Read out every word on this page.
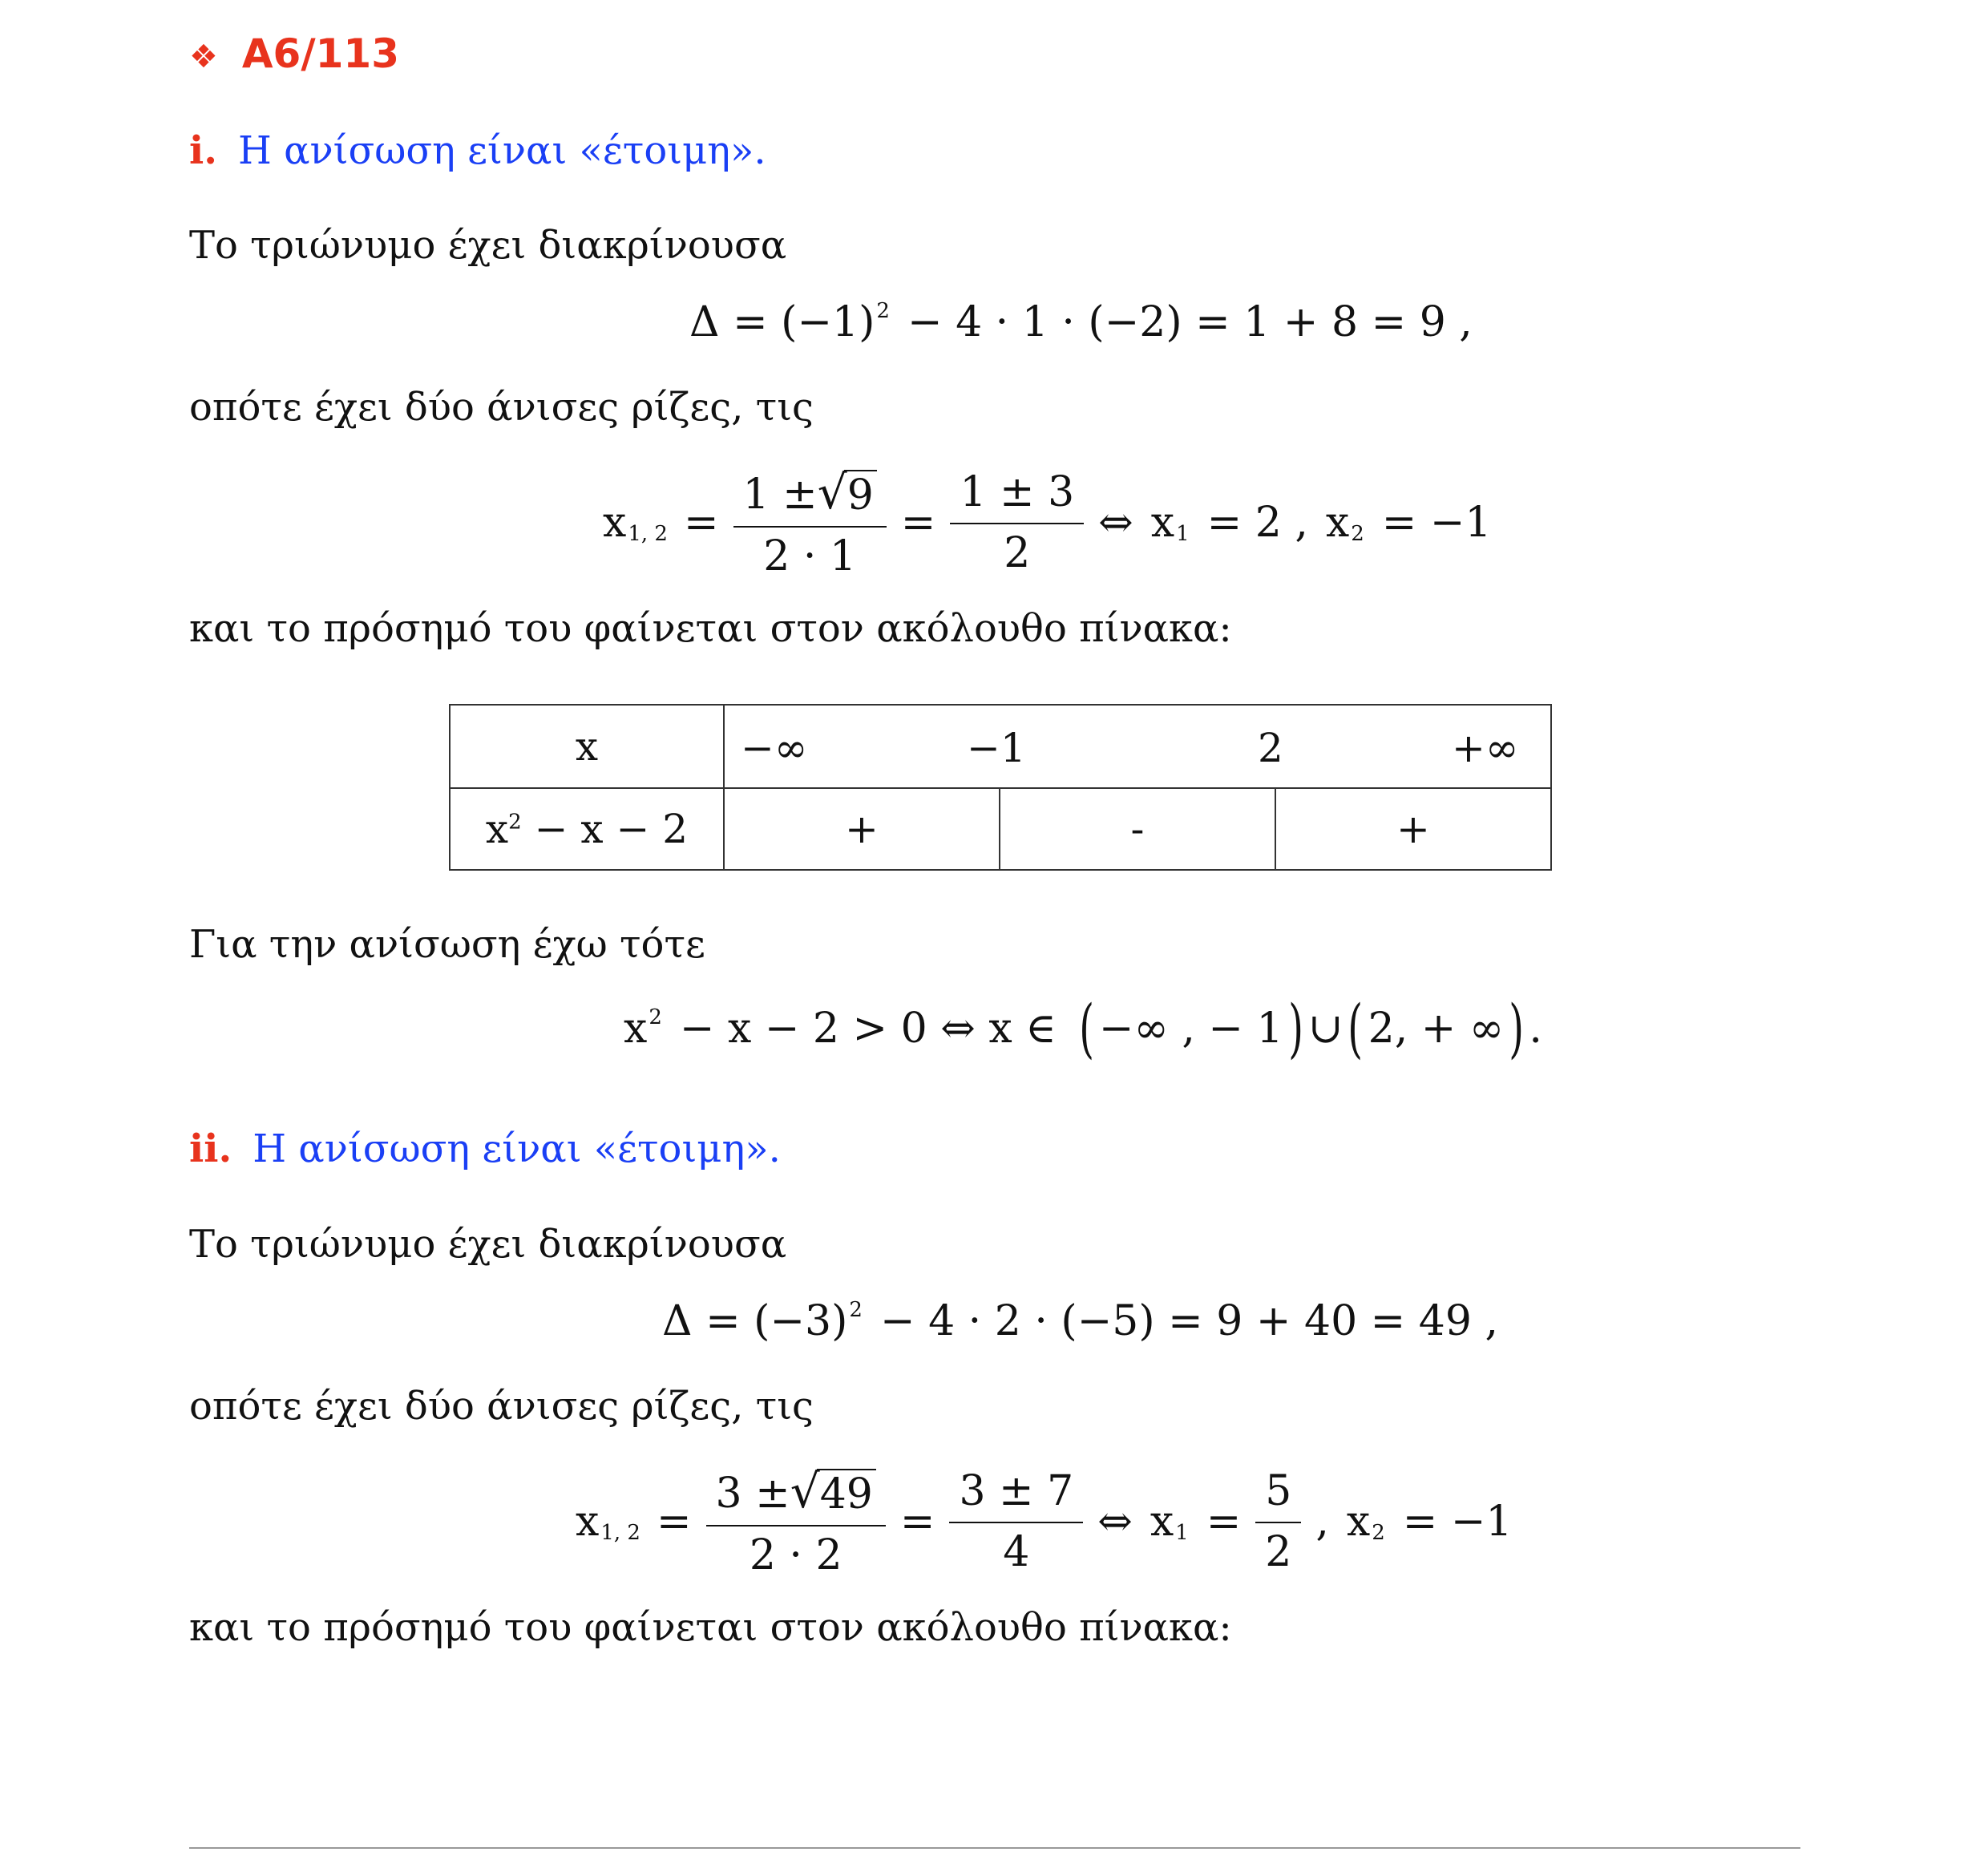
❖ A6/113
i. Η ανίσωση είναι «έτοιμη».
Το τριώνυμο έχει διακρίνουσα
$\Delta = (-1)^2 - 4 \cdot 1 \cdot (-2) = 1 + 8 = 9$ ,
οπότε έχει δύο άνισες ρίζες, τις
$x_{1, 2} = \frac{1 \pm √ 9}{2 \cdot 1} = \frac{1 \pm 3}{2}$ ⇔ $x_1 = 2$ , $x_2 = -1$
και το πρόσημό του φαίνεται στον ακόλουθο πίνακα:
x	−∞ −1 2 +∞		

$x^2 - x - 2$	+	-	+
Για την ανίσωση έχω τότε
$x^2 - x - 2 > 0$ ⇔ x ∈ ( −∞ , − 1 ) ∪ ( 2, + ∞ ) .
ii. Η ανίσωση είναι «έτοιμη».
Το τριώνυμο έχει διακρίνουσα
$\Delta = (-3)^2 - 4 \cdot 2 \cdot (-5) = 9 + 40 = 49$ ,
οπότε έχει δύο άνισες ρίζες, τις
$x_{1, 2} = \frac{3 \pm √ 49}{2 \cdot 2} = \frac{3 \pm 7}{4}$ ⇔ $x_1 = \frac{5}{2}$ , $x_2 = -1$
και το πρόσημό του φαίνεται στον ακόλουθο πίνακα:
